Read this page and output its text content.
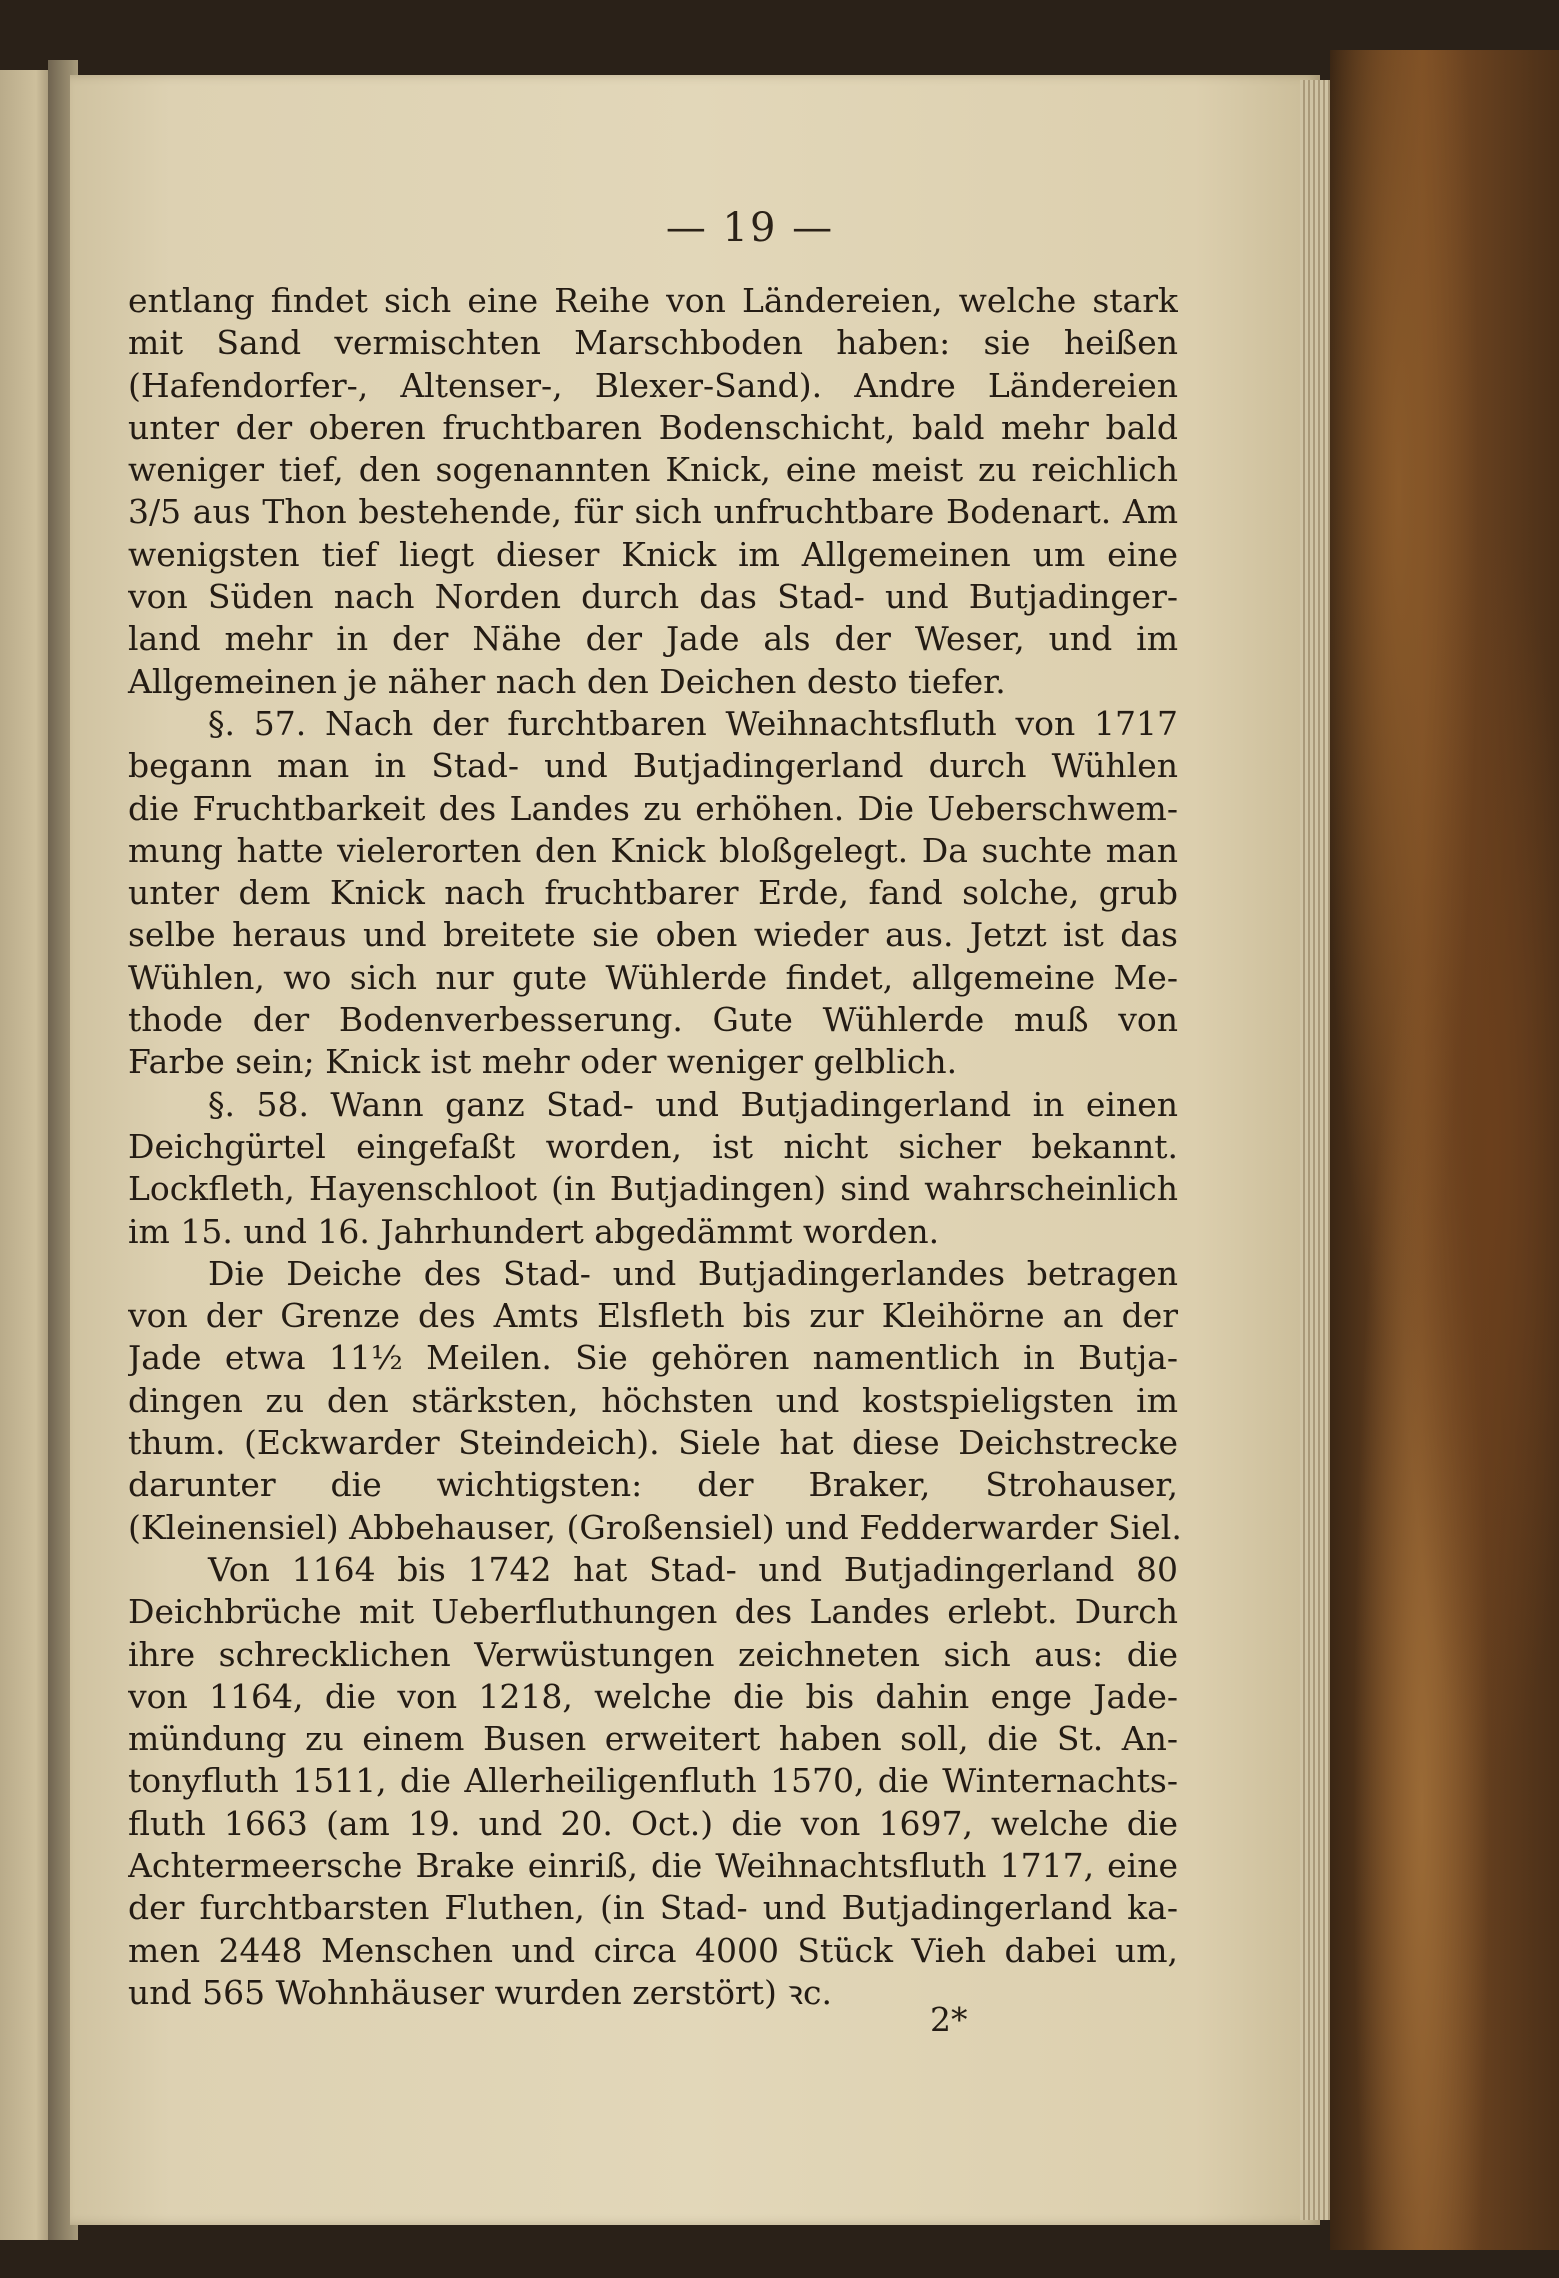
— 19 —
entlang findet sich eine Reihe von Ländereien, welche stark
mit Sand vermischten Marschboden haben: sie heißen
(Hafendorfer-, Altenser-, Blexer-Sand). Andre Ländereien
unter der oberen fruchtbaren Bodenschicht, bald mehr bald
weniger tief, den sogenannten Knick, eine meist zu reichlich
3/5 aus Thon bestehende, für sich unfruchtbare Bodenart. Am
wenigsten tief liegt dieser Knick im Allgemeinen um eine
von Süden nach Norden durch das Stad- und Butjadinger-
land mehr in der Nähe der Jade als der Weser, und im
Allgemeinen je näher nach den Deichen desto tiefer.
§. 57. Nach der furchtbaren Weihnachtsfluth von 1717
begann man in Stad- und Butjadingerland durch Wühlen
die Fruchtbarkeit des Landes zu erhöhen. Die Ueberschwem-
mung hatte vielerorten den Knick bloßgelegt. Da suchte man
unter dem Knick nach fruchtbarer Erde, fand solche, grub
selbe heraus und breitete sie oben wieder aus. Jetzt ist das
Wühlen, wo sich nur gute Wühlerde findet, allgemeine Me-
thode der Bodenverbesserung. Gute Wühlerde muß von
Farbe sein; Knick ist mehr oder weniger gelblich.
§. 58. Wann ganz Stad- und Butjadingerland in einen
Deichgürtel eingefaßt worden, ist nicht sicher bekannt.
Lockfleth, Hayenschloot (in Butjadingen) sind wahrscheinlich
im 15. und 16. Jahrhundert abgedämmt worden.
Die Deiche des Stad- und Butjadingerlandes betragen
von der Grenze des Amts Elsfleth bis zur Kleihörne an der
Jade etwa 11½ Meilen. Sie gehören namentlich in Butja-
dingen zu den stärksten, höchsten und kostspieligsten im
thum. (Eckwarder Steindeich). Siele hat diese Deichstrecke
darunter die wichtigsten: der Braker, Strohauser,
(Kleinensiel) Abbehauser, (Großensiel) und Fedderwarder Siel.
Von 1164 bis 1742 hat Stad- und Butjadingerland 80
Deichbrüche mit Ueberfluthungen des Landes erlebt. Durch
ihre schrecklichen Verwüstungen zeichneten sich aus: die
von 1164, die von 1218, welche die bis dahin enge Jade-
mündung zu einem Busen erweitert haben soll, die St. An-
tonyfluth 1511, die Allerheiligenfluth 1570, die Winternachts-
fluth 1663 (am 19. und 20. Oct.) die von 1697, welche die
Achtermeersche Brake einriß, die Weihnachtsfluth 1717, eine
der furchtbarsten Fluthen, (in Stad- und Butjadingerland ka-
men 2448 Menschen und circa 4000 Stück Vieh dabei um,
und 565 Wohnhäuser wurden zerstört) ꝛc.
2*
